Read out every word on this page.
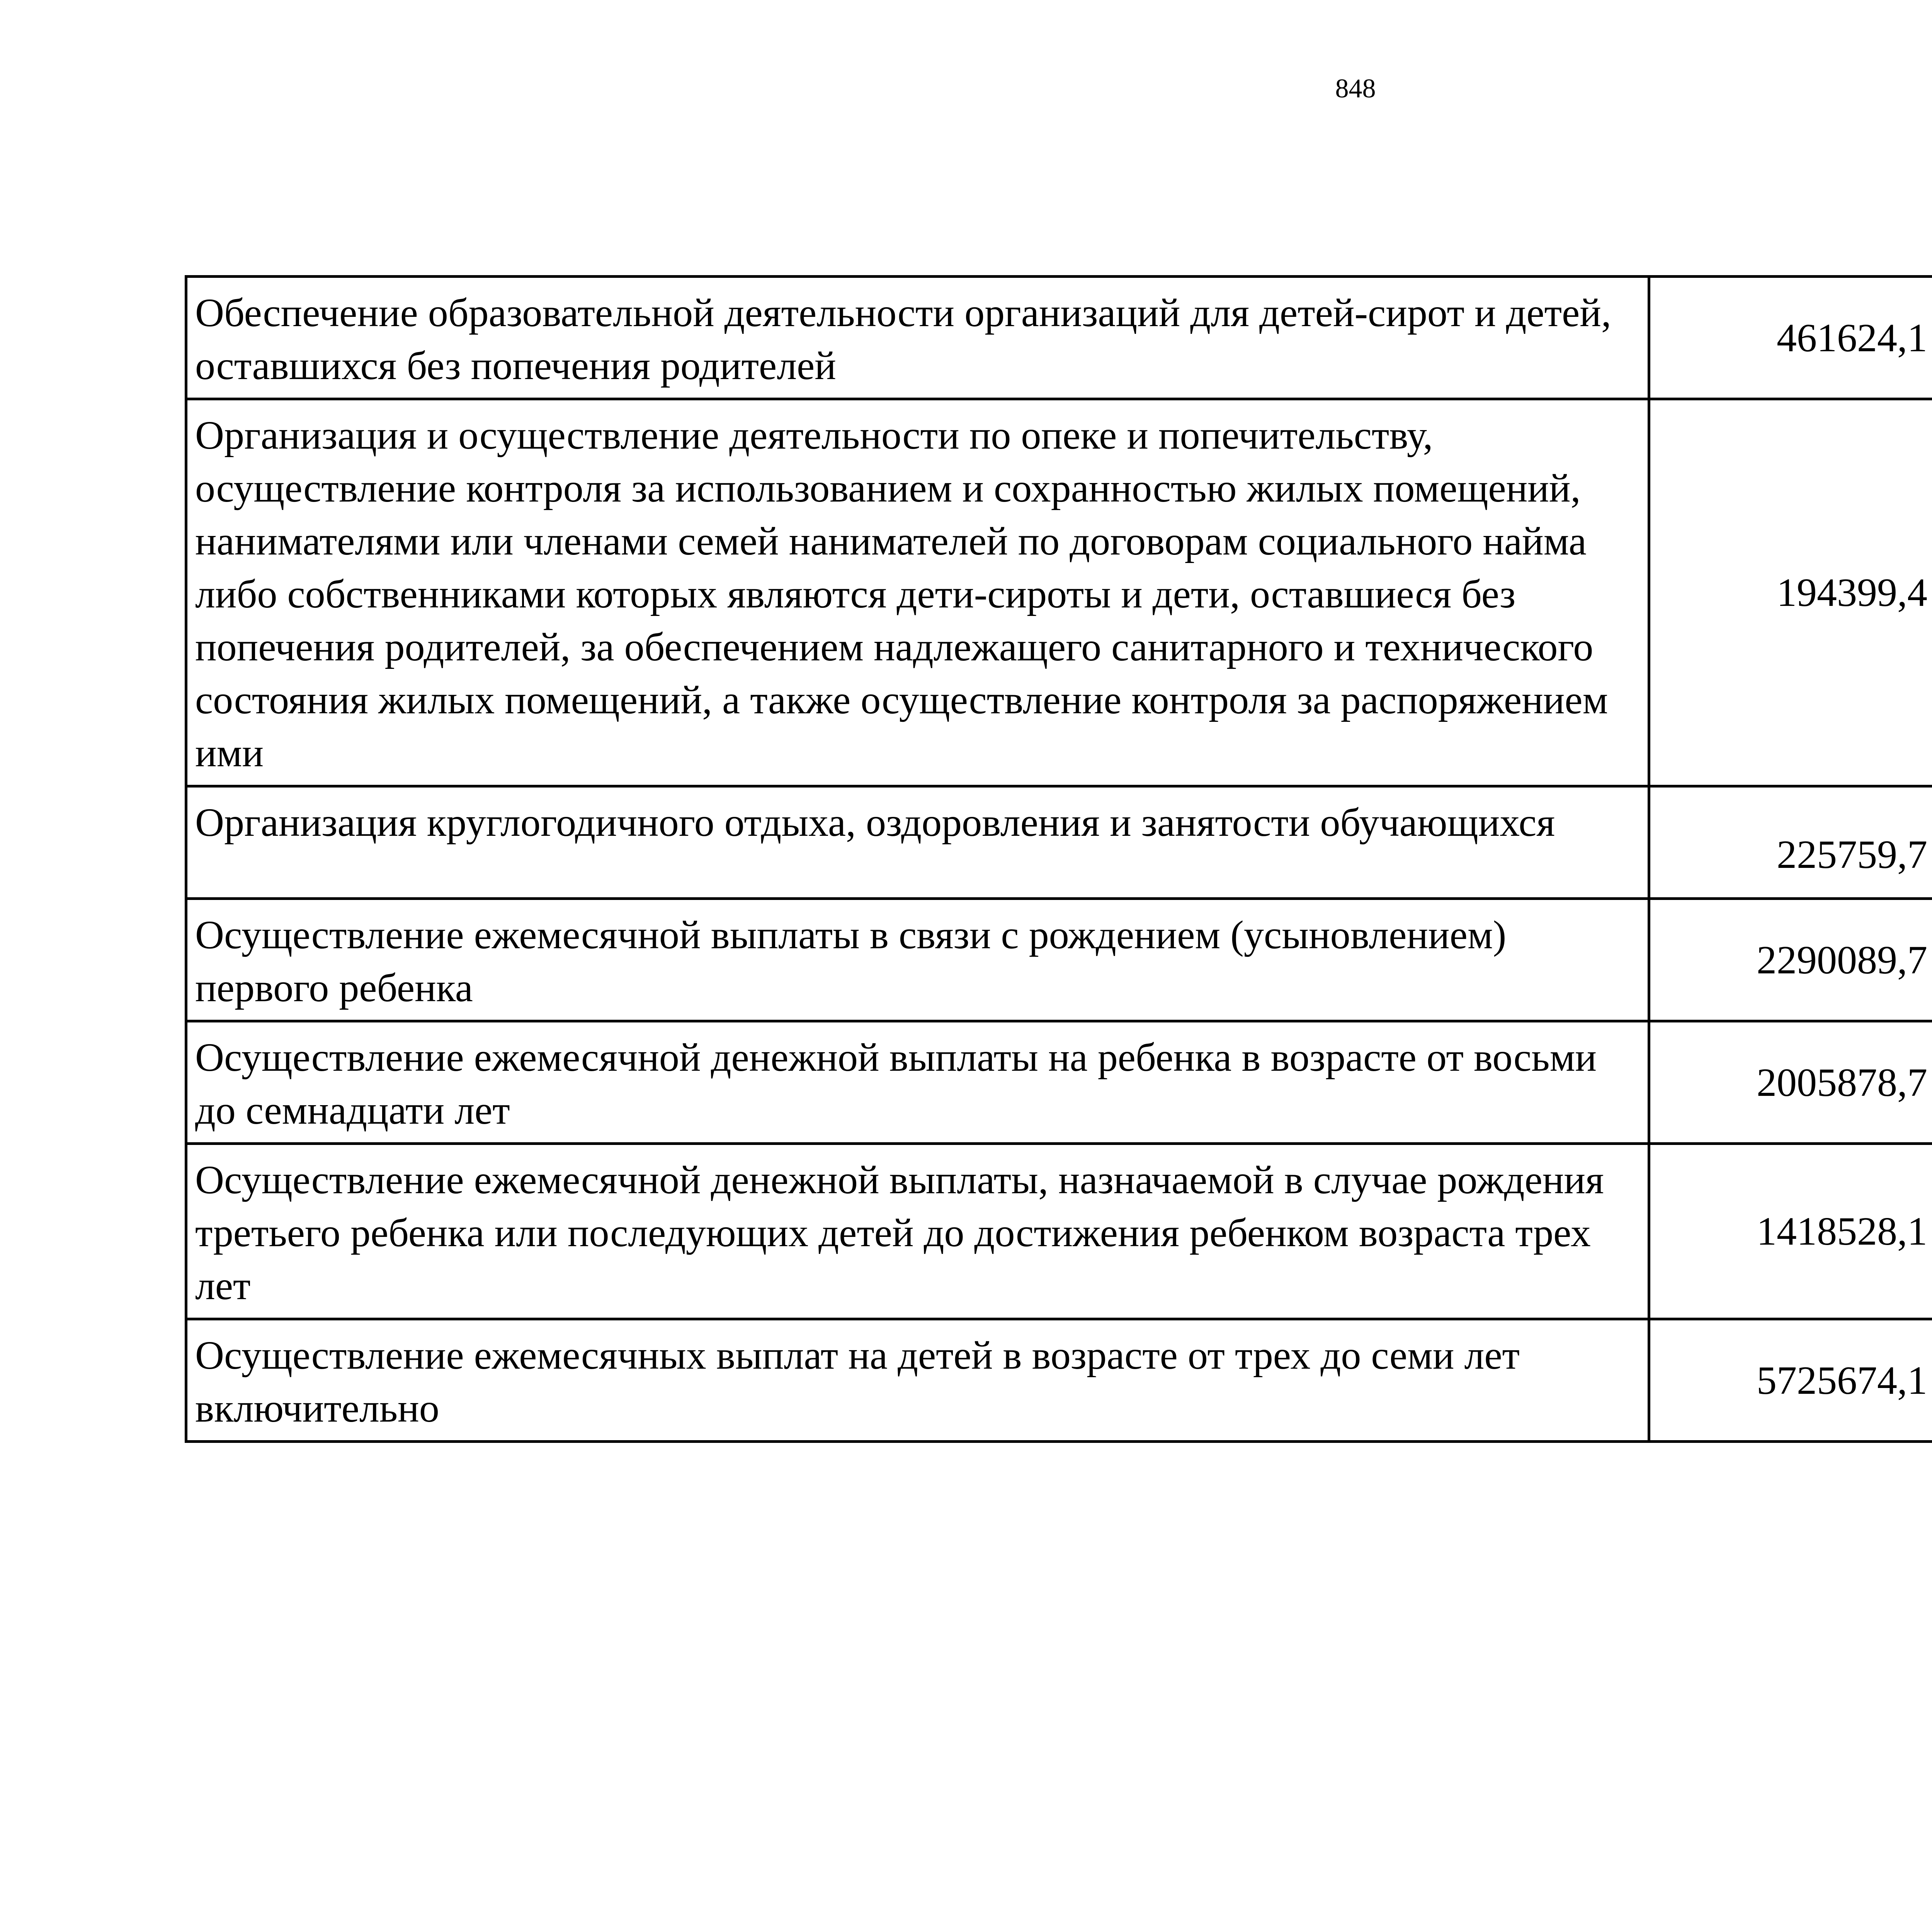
848
Обеспечение образовательной деятельности организаций для детей-сирот и детей, оставшихся без попечения родителей	461624,1		
Организация и осуществление деятельности по опеке и попечительству, осуществление контроля за использованием и сохранностью жилых помещений, нанимателями или членами семей нанимателей по договорам социального найма либо собственниками которых являются дети-сироты и дети, оставшиеся без попечения родителей, за обеспечением надлежащего санитарного и технического состояния жилых помещений, а также осуществление контроля за распоряжением ими	194399,4		
Организация круглогодичного отдыха, оздоровления и занятости обучающихся	225759,7		
Осуществление ежемесячной выплаты в связи с рождением (усыновлением) первого ребенка	2290089,7		
Осуществление ежемесячной денежной выплаты на ребенка в возрасте от восьми до семнадцати лет	2005878,7		
Осуществление ежемесячной денежной выплаты, назначаемой в случае рождения третьего ребенка или последующих детей до достижения ребенком возраста трех лет	1418528,1		
Осуществление ежемесячных выплат на детей в возрасте от трех до семи лет включительно	5725674,1		
